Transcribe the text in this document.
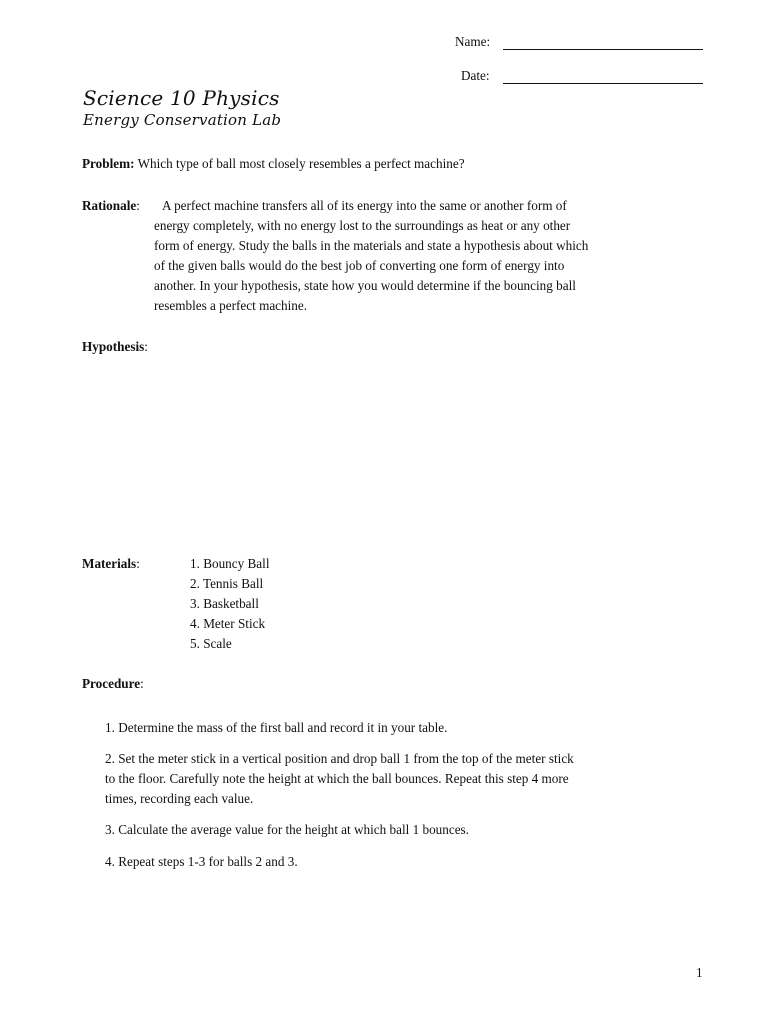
Name:
Date:
Science 10 Physics
Energy Conservation Lab
Problem: Which type of ball most closely resembles a perfect machine?
Rationale: A perfect machine transfers all of its energy into the same or another form of
energy completely, with no energy lost to the surroundings as heat or any other
form of energy. Study the balls in the materials and state a hypothesis about which
of the given balls would do the best job of converting one form of energy into
another. In your hypothesis, state how you would determine if the bouncing ball
resembles a perfect machine.
Hypothesis:
Materials:	1. Bouncy Ball
2. Tennis Ball
3. Basketball
4. Meter Stick
5. Scale
Procedure:
1. Determine the mass of the first ball and record it in your table.
2. Set the meter stick in a vertical position and drop ball 1 from the top of the meter stick
to the floor. Carefully note the height at which the ball bounces. Repeat this step 4 more
times, recording each value.
3. Calculate the average value for the height at which ball 1 bounces.
4. Repeat steps 1-3 for balls 2 and 3.
1
